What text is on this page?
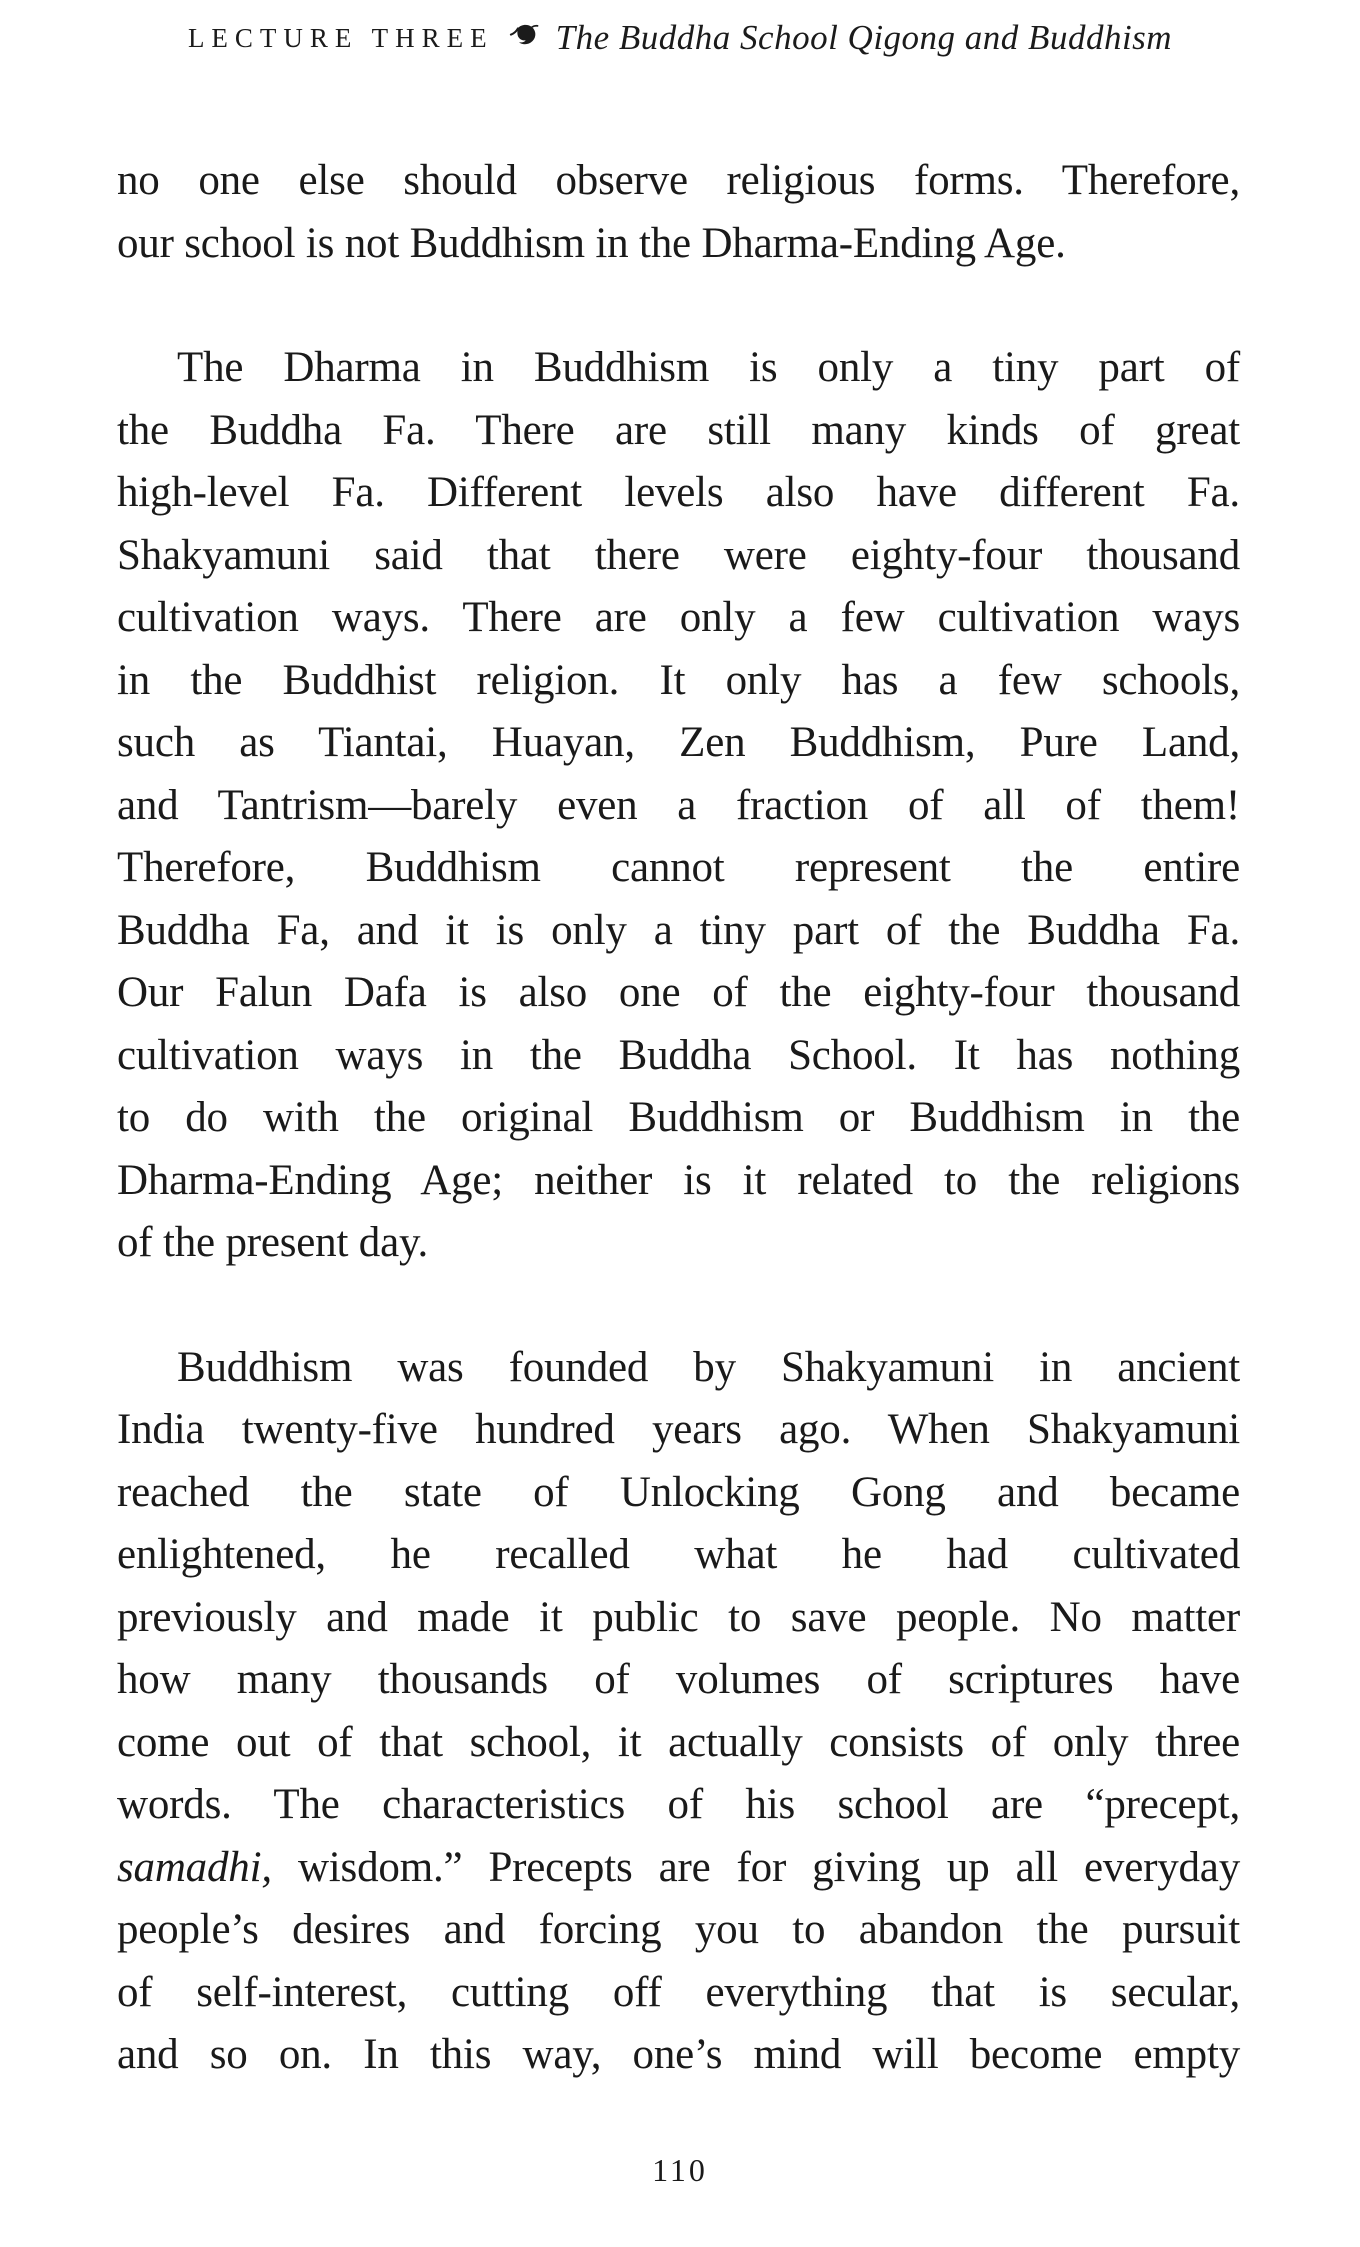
LECTURE THREE The Buddha School Qigong and Buddhism
no one else should observe religious forms. Therefore,
our school is not Buddhism in the Dharma-Ending Age.
The Dharma in Buddhism is only a tiny part of
the Buddha Fa. There are still many kinds of great
high-level Fa. Different levels also have different Fa.
Shakyamuni said that there were eighty-four thousand
cultivation ways. There are only a few cultivation ways
in the Buddhist religion. It only has a few schools,
such as Tiantai, Huayan, Zen Buddhism, Pure Land,
and Tantrism—barely even a fraction of all of them!
Therefore, Buddhism cannot represent the entire
Buddha Fa, and it is only a tiny part of the Buddha Fa.
Our Falun Dafa is also one of the eighty-four thousand
cultivation ways in the Buddha School. It has nothing
to do with the original Buddhism or Buddhism in the
Dharma-Ending Age; neither is it related to the religions
of the present day.
Buddhism was founded by Shakyamuni in ancient
India twenty-five hundred years ago. When Shakyamuni
reached the state of Unlocking Gong and became
enlightened, he recalled what he had cultivated
previously and made it public to save people. No matter
how many thousands of volumes of scriptures have
come out of that school, it actually consists of only three
words. The characteristics of his school are “precept,
samadhi, wisdom.” Precepts are for giving up all everyday
people’s desires and forcing you to abandon the pursuit
of self-interest, cutting off everything that is secular,
and so on. In this way, one’s mind will become empty
110
